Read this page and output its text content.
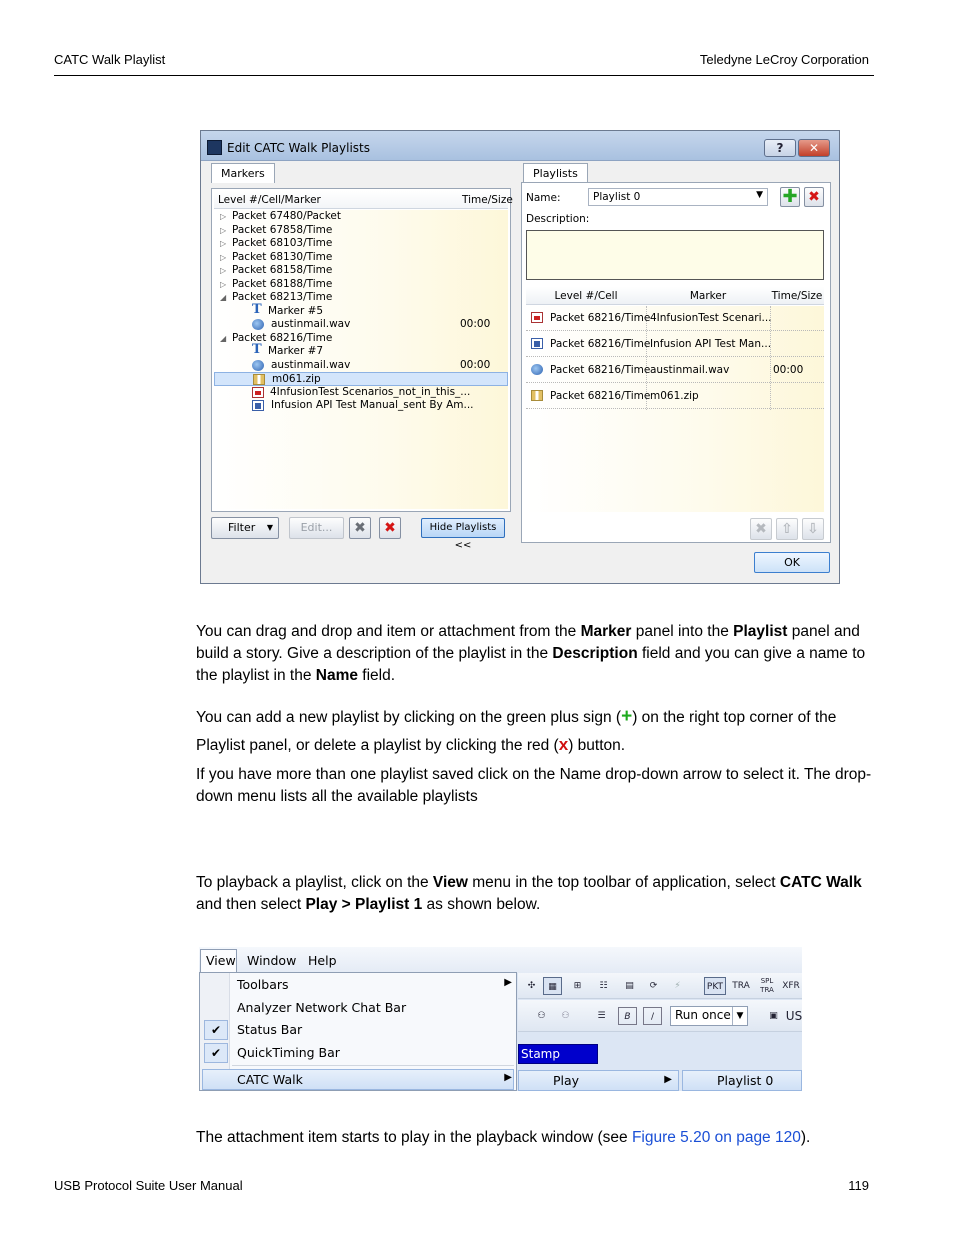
CATC Walk Playlist	Teledyne LeCroy Corporation
Edit CATC Walk Playlists	?	✕
Markers
Level #/Cell/Marker	Time/Size
▷ Packet 67480/Packet
▷ Packet 67858/Time
▷ Packet 68103/Time
▷ Packet 68130/Time
▷ Packet 68158/Time
▷ Packet 68188/Time
◢ Packet 68213/Time
T Marker #5
austinmail.wav	00:00
◢ Packet 68216/Time
T Marker #7
austinmail.wav	00:00
m061.zip
4InfusionTest Scenarios_not_in_this_...
Infusion API Test Manual_sent By Am...
Filter ▼	Edit...	✖	✖	Hide Playlists <<
Playlists
Name:	Playlist 0	▼ ✚ ✖
Description:
Level #/Cell	Marker	Time/Size
Packet 68216/Time 4InfusionTest Scenari...
Packet 68216/Time Infusion API Test Man...
Packet 68216/Time austinmail.wav	00:00
Packet 68216/Time m061.zip
✖	⇧	⇩
OK
You can drag and drop and item or attachment from the Marker panel into the Playlist panel and build a story. Give a description of the playlist in the Description field and you can give a name to the playlist in the Name field.
You can add a new playlist by clicking on the green plus sign (+) on the right top corner of the Playlist panel, or delete a playlist by clicking the red (x) button.
If you have more than one playlist saved click on the Name drop-down arrow to select it. The drop-down menu lists all the available playlists
To playback a playlist, click on the View menu in the top toolbar of application, select CATC Walk and then select Play > Playlist 1 as shown below.
View Window Help
✣	▦	⊞	☷	▤	⟳	⚡	PKT	TRA	SPL TRA XFR
⚇	⚇	☰	B	/	Run once ▼	▣ US
Stamp
Toolbars	▶
Analyzer Network Chat Bar
✔	Status Bar
✔	QuickTiming Bar
CATC Walk	▶	Play	▶	Playlist 0
The attachment item starts to play in the playback window (see Figure 5.20 on page 120).
USB Protocol Suite User Manual	119
